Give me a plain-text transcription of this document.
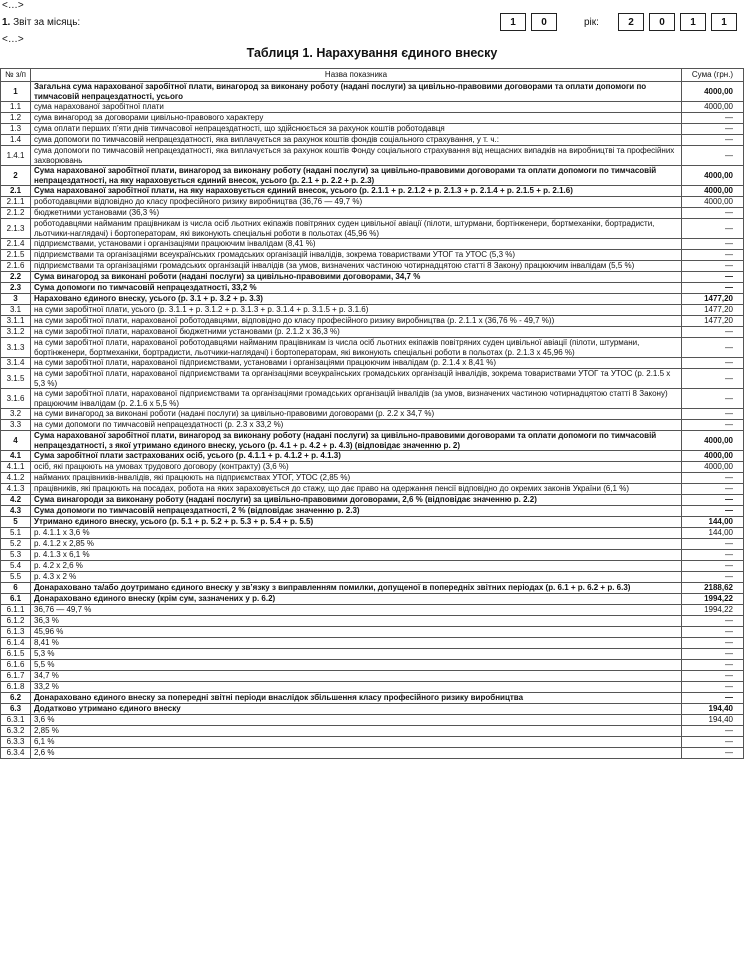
<…>
1. Звіт за місяць:	1	0	рік:	2	0	1	1
<…>
Таблиця 1. Нарахування єдиного внеску
№ з/п	Назва показника	Сума (грн.)
1	Загальна сума нарахованої заробітної плати, винагород за виконану роботу (надані послуги) за цивільно-правовими договорами та оплати допомоги по тимчасовій непрацездатності, усього	4000,00
1.1	сума нарахованої заробітної плати	4000,00
1.2	сума винагород за договорами цивільно-правового характеру	—
1.3	сума оплати перших п’яти днів тимчасової непрацездатності, що здійснюється за рахунок коштів роботодавця	—
1.4	сума допомоги по тимчасовій непрацездатності, яка виплачується за рахунок коштів фондів соціального страхування, у т. ч.:	—
1.4.1	сума допомоги по тимчасовій непрацездатності, яка виплачується за рахунок коштів Фонду соціального страхування від нещасних випадків на виробництві та професійних захворювань	—
2	Сума нарахованої заробітної плати, винагород за виконану роботу (надані послуги) за цивільно-правовими договорами та оплати допомоги по тимчасовій непрацездатності, на яку нараховується єдиний внесок, усього (р. 2.1 + р. 2.2 + р. 2.3)	4000,00
2.1	Сума нарахованої заробітної плати, на яку нараховується єдиний внесок, усього (р. 2.1.1 + р. 2.1.2 + р. 2.1.3 + р. 2.1.4 + р. 2.1.5 + р. 2.1.6)	4000,00
2.1.1	роботодавцями відповідно до класу професійного ризику виробництва (36,76 — 49,7 %)	4000,00
2.1.2	бюджетними установами (36,3 %)	—
2.1.3	роботодавцями найманим працівникам із числа осіб льотних екіпажів повітряних суден цивільної авіації (пілоти, штурмани, бортінженери, бортмеханіки, бортрадисти, льотчики-наглядачі) і бортоператорам, які виконують спеціальні роботи в польотах (45,96 %)	—
2.1.4	підприємствами, установами і організаціями працюючим інвалідам (8,41 %)	—
2.1.5	підприємствами та організаціями всеукраїнських громадських організацій інвалідів, зокрема товариствами УТОГ та УТОС (5,3 %)	—
2.1.6	підприємствами та організаціями громадських організацій інвалідів (за умов, визначених частиною чотирнадцятою статті 8 Закону) працюючим інвалідам (5,5 %)	—
2.2	Сума винагород за виконані роботи (надані послуги) за цивільно-правовими договорами, 34,7 %	—
2.3	Сума допомоги по тимчасовій непрацездатності, 33,2 %	—
3	Нараховано єдиного внеску, усього (р. 3.1 + р. 3.2 + р. 3.3)	1477,20
3.1	на суми заробітної плати, усього (р. 3.1.1 + р. 3.1.2 + р. 3.1.3 + р. 3.1.4 + р. 3.1.5 + р. 3.1.6)	1477,20
3.1.1	на суми заробітної плати, нарахованої роботодавцями, відповідно до класу професійного ризику виробництва (р. 2.1.1 х (36,76 % - 49,7 %))	1477,20
3.1.2	на суми заробітної плати, нарахованої бюджетними установами (р. 2.1.2 х 36,3 %)	—
3.1.3	на суми заробітної плати, нарахованої роботодавцями найманим працівникам із числа осіб льотних екіпажів повітряних суден цивільної авіації (пілоти, штурмани, бортінженери, бортмеханіки, бортрадисти, льотчики-наглядачі) і бортоператорам, які виконують спеціальні роботи в польотах (р. 2.1.3 х 45,96 %)	—
3.1.4	на суми заробітної плати, нарахованої підприємствами, установами і організаціями працюючим інвалідам (р. 2.1.4 х 8,41 %)	—
3.1.5	на суми заробітної плати, нарахованої підприємствами та організаціями всеукраїнських громадських організацій інвалідів, зокрема товариствами УТОГ та УТОС (р. 2.1.5 х 5,3 %)	—
3.1.6	на суми заробітної плати, нарахованої підприємствами та організаціями громадських організацій інвалідів (за умов, визначених частиною чотирнадцятою статті 8 Закону) працюючим інвалідам (р. 2.1.6 х 5,5 %)	—
3.2	на суми винагород за виконані роботи (надані послуги) за цивільно-правовими договорами (р. 2.2 х 34,7 %)	—
3.3	на суми допомоги по тимчасовій непрацездатності (р. 2.3 х 33,2 %)	—
4	Сума нарахованої заробітної плати, винагород за виконану роботу (надані послуги) за цивільно-правовими договорами та оплати допомоги по тимчасовій непрацездатності, з якої утримано єдиного внеску, усього (р. 4.1 + р. 4.2 + р. 4.3) (відповідає значенню р. 2)	4000,00
4.1	Сума заробітної плати застрахованих осіб, усього (р. 4.1.1 + р. 4.1.2 + р. 4.1.3)	4000,00
4.1.1	осіб, які працюють на умовах трудового договору (контракту) (3,6 %)	4000,00
4.1.2	найманих працівників-інвалідів, які працюють на підприємствах УТОГ, УТОС (2,85 %)	—
4.1.3	працівників, які працюють на посадах, робота на яких зараховується до стажу, що дає право на одержання пенсії відповідно до окремих законів України (6,1 %)	—
4.2	Сума винагороди за виконану роботу (надані послуги) за цивільно-правовими договорами, 2,6 % (відповідає значенню р. 2.2)	—
4.3	Сума допомоги по тимчасовій непрацездатності, 2 % (відповідає значенню р. 2.3)	—
5	Утримано єдиного внеску, усього (р. 5.1 + р. 5.2 + р. 5.3 + р. 5.4 + р. 5.5)	144,00
5.1	р. 4.1.1 х 3,6 %	144,00
5.2	р. 4.1.2 х 2,85 %	—
5.3	р. 4.1.3 х 6,1 %	—
5.4	р. 4.2 х 2,6 %	—
5.5	р. 4.3 х 2 %	—
6	Донараховано та/або дoутримано єдиного внеску у зв’язку з виправленням помилки, допущеної в попередніх звітних періодах (р. 6.1 + р. 6.2 + р. 6.3)	2188,62
6.1	Донараховано єдиного внеску (крім сум, зазначених у р. 6.2)	1994,22
6.1.1	36,76 — 49,7 %	1994,22
6.1.2	36,3 %	—
6.1.3	45,96 %	—
6.1.4	8,41 %	—
6.1.5	5,3 %	—
6.1.6	5,5 %	—
6.1.7	34,7 %	—
6.1.8	33,2 %	—
6.2	Донараховано єдиного внеску за попередні звітні періоди внаслідок збільшення класу професійного ризику виробництва	—
6.3	Додатково утримано єдиного внеску	194,40
6.3.1	3,6 %	194,40
6.3.2	2,85 %	—
6.3.3	6,1 %	—
6.3.4	2,6 %	—
